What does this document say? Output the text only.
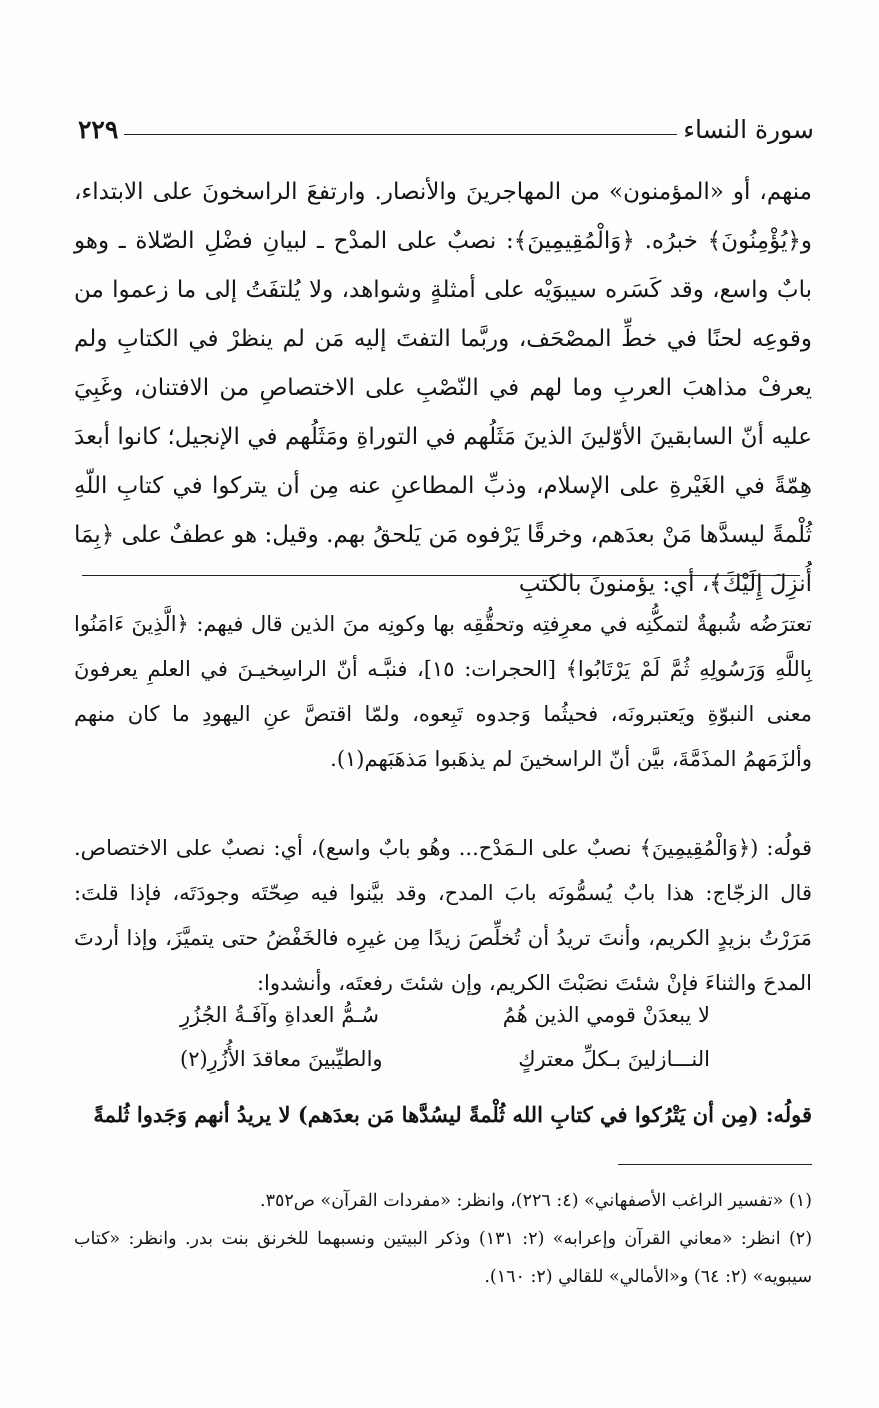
سورة النساء
٢٢٩
منهم، أو «المؤمنون» من المهاجرينَ والأنصار. وارتفعَ الراسخونَ على الابتداء، و﴿يُؤْمِنُونَ﴾ خبرُه. ﴿وَالْمُقِيمِينَ﴾: نصبٌ على المدْح ـ لبيانِ فضْلِ الصّلاة ـ وهو بابٌ واسع، وقد كَسَره سيبوَيْه على أمثلةٍ وشواهد، ولا يُلتفَتُ إلى ما زعموا من وقوعِه لحنًا في خطِّ المصْحَف، وربَّما التفتَ إليه مَن لم ينظرْ في الكتابِ ولم يعرفْ مذاهبَ العربِ وما لهم في النّصْبِ على الاختصاصِ من الافتنان، وغَبِيَ عليه أنّ السابقينَ الأوّلينَ الذينَ مَثَلُهم في التوراةِ ومَثَلُهم في الإنجيل؛ كانوا أبعدَ هِمّةً في الغَيْرةِ على الإسلام، وذبِّ المطاعنِ عنه مِن أن يتركوا في كتابِ اللّهِ ثُلْمةً ليسدَّها مَنْ بعدَهم، وخرقًا يَرْفوه مَن يَلحقُ بهم. وقيل: هو عطفٌ على ﴿بِمَا أُنزِلَ إِلَيْكَ﴾، أي: يؤمنونَ بالكتبِ
تعترَضُه شُبهةٌ لتمكُّنِه في معرِفتِه وتحقُّقِه بها وكونِه منَ الذين قال فيهم: ﴿الَّذِينَ ءَامَنُوا بِاللَّهِ وَرَسُولِهِ ثُمَّ لَمْ يَرْتَابُوا﴾ [الحجرات: ١٥]، فنبَّـه أنّ الراسِخيـنَ في العلمِ يعرفونَ معنى النبوّةِ ويَعتبرونَه، فحيثُما وَجدوه تَبِعوه، ولمّا اقتصَّ عنِ اليهودِ ما كان منهم وألزَمَهمُ المذَمَّةَ، بيَّن أنّ الراسخينَ لم يذهَبوا مَذهَبَهم(١).
قولُه: (﴿وَالْمُقِيمِينَ﴾ نصبٌ على الـمَدْح... وهُو بابٌ واسع)، أي: نصبٌ على الاختصاص. قال الزجّاج: هذا بابٌ يُسمُّونَه بابَ المدح، وقد بيَّنوا فيه صِحّتَه وجودَتَه، فإذا قلتَ: مَرَرْتُ بزيدٍ الكريم، وأنتَ تريدُ أن تُخلِّصَ زيدًا مِن غيرِه فالخَفْضُ حتى يتميَّزَ، وإذا أردتَ المدحَ والثناءَ فإنْ شئتَ نصَبْتَ الكريم، وإن شئتَ رفعتَه، وأنشدوا:
لا يبعدَنْ قومي الذين هُمُ
سُـمُّ العداةِ وآفَـةُ الجُزُرِ
النـــازلينَ بـكلِّ معتركٍ
والطيِّبينَ معاقدَ الأُزُرِ(٢)
قولُه: (مِن أن يَتْرُكوا في كتابِ الله ثُلْمةً ليسُدَّها مَن بعدَهم) لا يريدُ أنهم وَجَدوا ثُلمةً

(١) «تفسير الراغب الأصفهاني» (٤: ٢٢٦)، وانظر: «مفردات القرآن» ص٣٥٢.

(٢) انظر: «معاني القرآن وإعرابه» (٢: ١٣١) وذكر البيتين ونسبهما للخرنق بنت بدر. وانظر: «كتاب سيبويه» (٢: ٦٤) و«الأمالي» للقالي (٢: ١٦٠).
